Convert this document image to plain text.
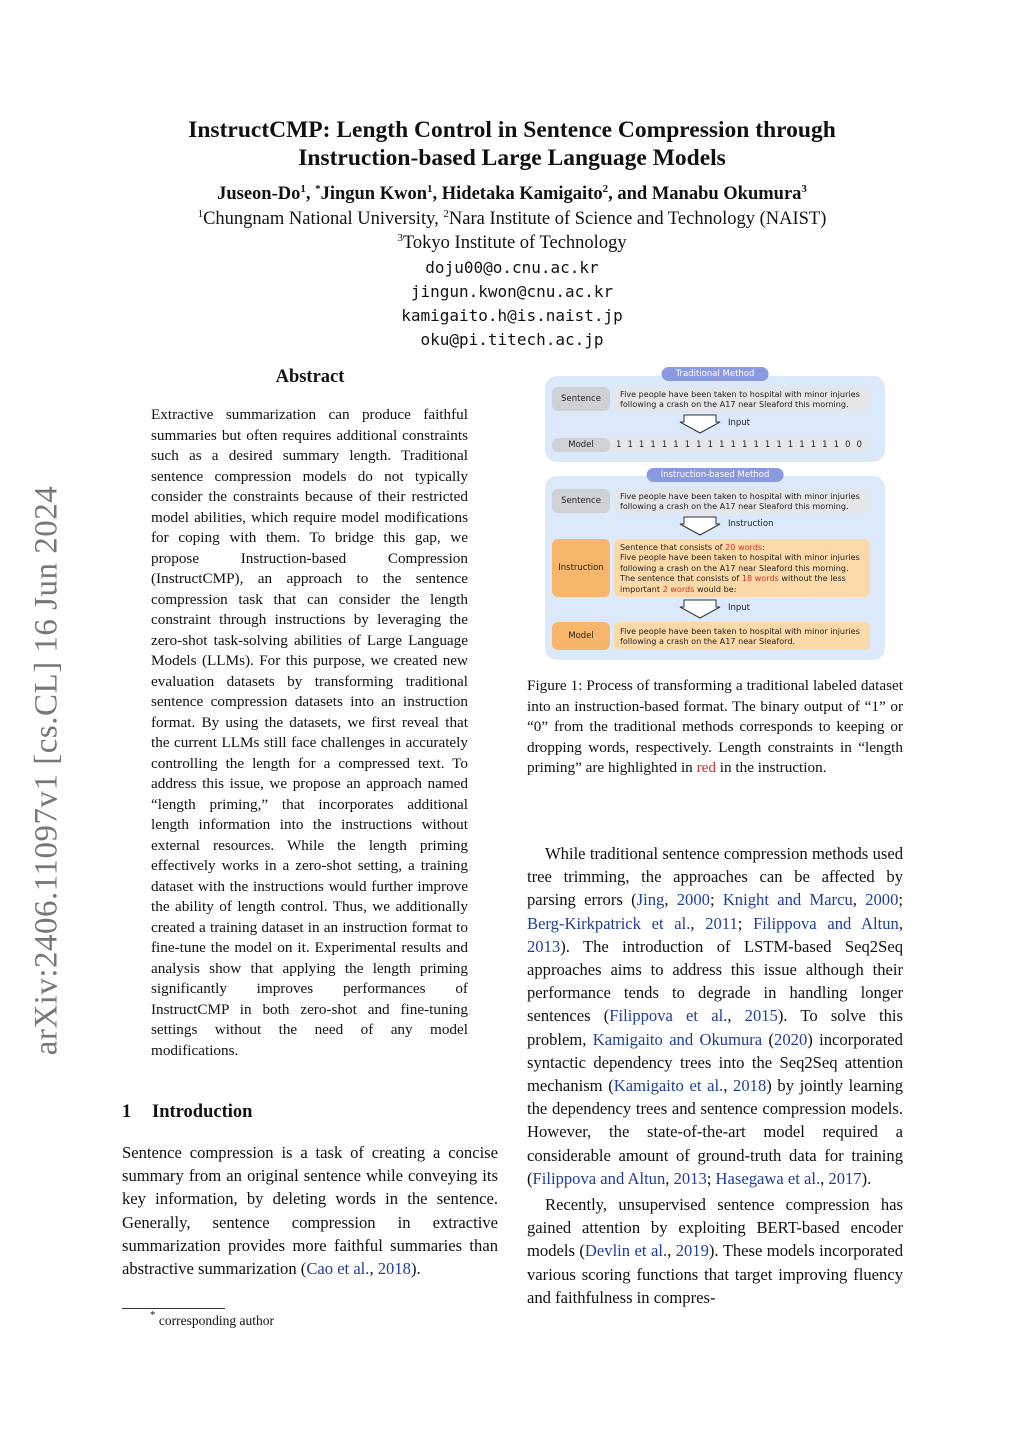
arXiv:2406.11097v1 [cs.CL] 16 Jun 2024
InstructCMP: Length Control in Sentence Compression through
Instruction-based Large Language Models
Juseon-Do$^1$, *Jingun Kwon$^1$, Hidetaka Kamigaito$^2$, and Manabu Okumura$^3$
$^1$Chungnam National University, $^2$Nara Institute of Science and Technology (NAIST)
$^3$Tokyo Institute of Technology
doju00@o.cnu.ac.kr
jingun.kwon@cnu.ac.kr
kamigaito.h@is.naist.jp
oku@pi.titech.ac.jp
Abstract
Extractive summarization can produce faithful summaries but often requires additional constraints such as a desired summary length. Traditional sentence compression models do not typically consider the constraints because of their restricted model abilities, which require model modifications for coping with them. To bridge this gap, we propose Instruction-based Compression (InstructCMP), an approach to the sentence compression task that can consider the length constraint through instructions by leveraging the zero-shot task-solving abilities of Large Language Models (LLMs). For this purpose, we created new evaluation datasets by transforming traditional sentence compression datasets into an instruction format. By using the datasets, we first reveal that the current LLMs still face challenges in accurately controlling the length for a compressed text. To address this issue, we propose an approach named “length priming,” that incorporates additional length information into the instructions without external resources. While the length priming effectively works in a zero-shot setting, a training dataset with the instructions would further improve the ability of length control. Thus, we additionally created a training dataset in an instruction format to fine-tune the model on it. Experimental results and analysis show that applying the length priming significantly improves performances of InstructCMP in both zero-shot and fine-tuning settings without the need of any model modifications.
1 Introduction
Sentence compression is a task of creating a concise summary from an original sentence while conveying its key information, by deleting words in the sentence. Generally, sentence compression in extractive summarization provides more faithful summaries than abstractive summarization (Cao et al., 2018).
* corresponding author
Traditional Method
Sentence	Five people have been taken to hospital with minor injuries following a crash on the A17 near Sleaford this morning.
Input
Model	1 1 1 1 1 1 1 1 1 1 1 1 1 1 1 1 1 1 1 1 0 0
Instruction-based Method
Sentence	Five people have been taken to hospital with minor injuries following a crash on the A17 near Sleaford this morning.
Instruction
Instruction
Sentence that consists of 20 words:
Five people have been taken to hospital with minor injuries following a crash on the A17 near Sleaford this morning.
The sentence that consists of 18 words without the less important 2 words would be:
Input
Model	Five people have been taken to hospital with minor injuries following a crash on the A17 near Sleaford.
Figure 1: Process of transforming a traditional labeled dataset into an instruction-based format. The binary output of “1” or “0” from the traditional methods corresponds to keeping or dropping words, respectively. Length constraints in “length priming” are highlighted in red in the instruction.

While traditional sentence compression methods used tree trimming, the approaches can be affected by parsing errors (Jing, 2000; Knight and Marcu, 2000; Berg-Kirkpatrick et al., 2011; Filippova and Altun, 2013). The introduction of LSTM-based Seq2Seq approaches aims to address this issue although their performance tends to degrade in handling longer sentences (Filippova et al., 2015). To solve this problem, Kamigaito and Okumura (2020) incorporated syntactic dependency trees into the Seq2Seq attention mechanism (Kamigaito et al., 2018) by jointly learning the dependency trees and sentence compression models. However, the state-of-the-art model required a considerable amount of ground-truth data for training (Filippova and Altun, 2013; Hasegawa et al., 2017).

Recently, unsupervised sentence compression has gained attention by exploiting BERT-based encoder models (Devlin et al., 2019). These models incorporated various scoring functions that target improving fluency and faithfulness in compres-
